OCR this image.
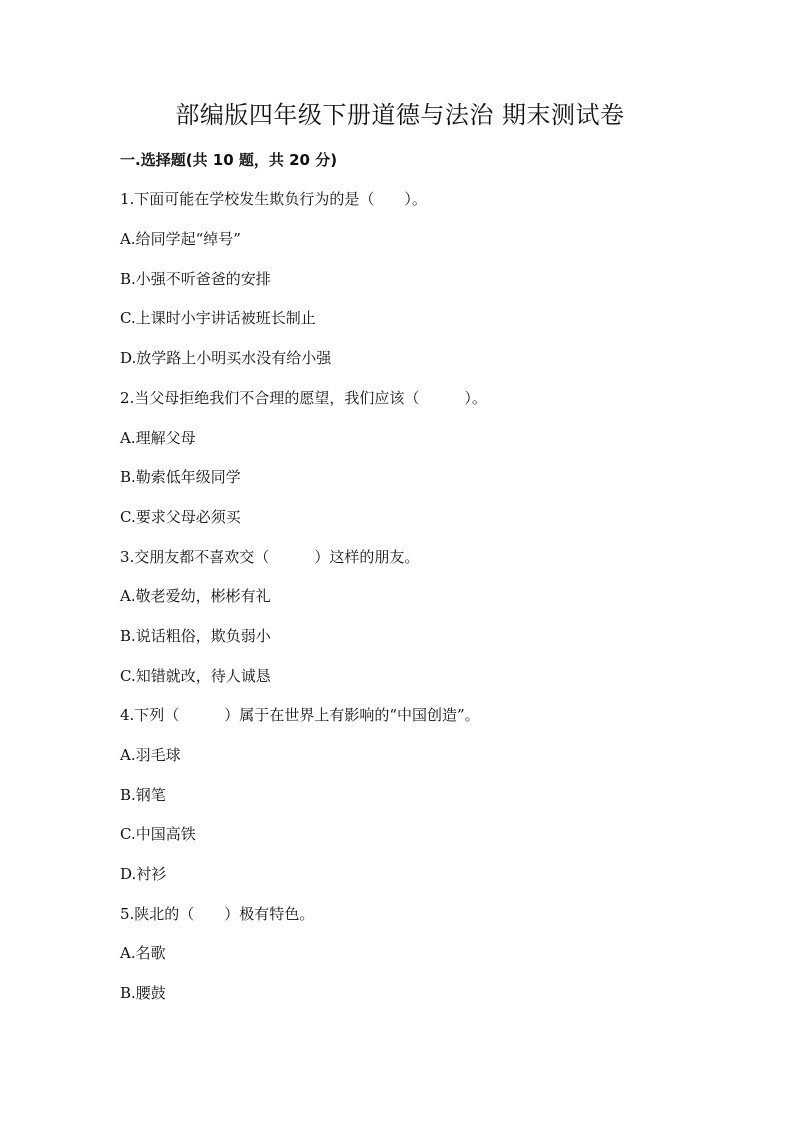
部编版四年级下册道德与法治 期末测试卷
一.选择题(共 10 题，共 20 分)
1.下面可能在学校发生欺负行为的是（　　）。
A.给同学起“绰号”
B.小强不听爸爸的安排
C.上课时小宇讲话被班长制止
D.放学路上小明买水没有给小强
2.当父母拒绝我们不合理的愿望，我们应该（　　　）。
A.理解父母
B.勒索低年级同学
C.要求父母必须买
3.交朋友都不喜欢交（　　　）这样的朋友。
A.敬老爱幼，彬彬有礼
B.说话粗俗，欺负弱小
C.知错就改，待人诚恳
4.下列（　　　）属于在世界上有影响的“中国创造”。
A.羽毛球
B.钢笔
C.中国高铁
D.衬衫
5.陕北的（　　）极有特色。
A.名歌
B.腰鼓
